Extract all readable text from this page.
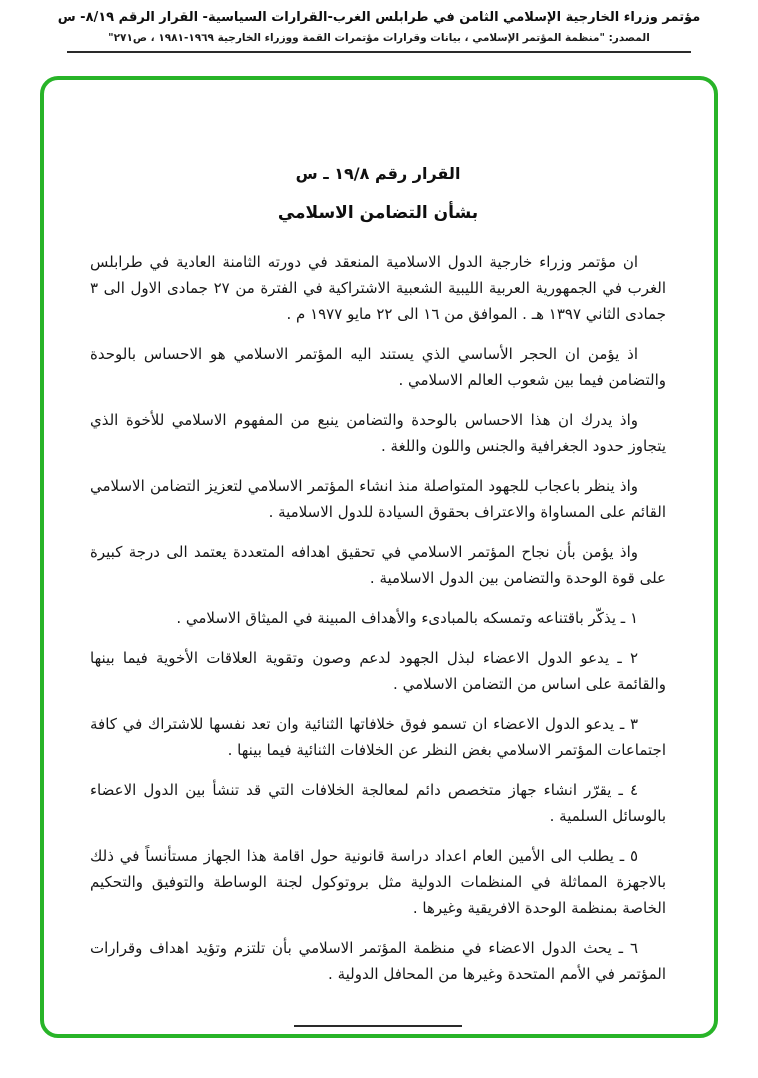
مؤتمر وزراء الخارجية الإسلامي الثامن في طرابلس الغرب-القرارات السياسية- القرار الرقم ٨/١٩- س
المصدر: "منظمة المؤتمر الإسلامي ، بيانات وقرارات مؤتمرات القمة ووزراء الخارجية ١٩٦٩-١٩٨١ ، ص٢٧١"
القرار رقم ١٩/٨ ـ س
بشأن التضامن الاسلامي

ان مؤتمر وزراء خارجية الدول الاسلامية المنعقد في دورته الثامنة العادية في طرابلس الغرب في الجمهورية العربية الليبية الشعبية الاشتراكية في الفترة من ٢٧ جمادى الاول الى ٣ جمادى الثاني ١٣٩٧ هـ . الموافق من ١٦ الى ٢٢ مايو ١٩٧٧ م .

اذ يؤمن ان الحجر الأساسي الذي يستند اليه المؤتمر الاسلامي هو الاحساس بالوحدة والتضامن فيما بين شعوب العالم الاسلامي .

واذ يدرك ان هذا الاحساس بالوحدة والتضامن ينبع من المفهوم الاسلامي للأخوة الذي يتجاوز حدود الجغرافية والجنس واللون واللغة .

واذ ينظر باعجاب للجهود المتواصلة منذ انشاء المؤتمر الاسلامي لتعزيز التضامن الاسلامي القائم على المساواة والاعتراف بحقوق السيادة للدول الاسلامية .

واذ يؤمن بأن نجاح المؤتمر الاسلامي في تحقيق اهدافه المتعددة يعتمد الى درجة كبيرة على قوة الوحدة والتضامن بين الدول الاسلامية .

١ ـ يذكّر باقتناعه وتمسكه بالمبادىء والأهداف المبينة في الميثاق الاسلامي .

٢ ـ يدعو الدول الاعضاء لبذل الجهود لدعم وصون وتقوية العلاقات الأخوية فيما بينها والقائمة على اساس من التضامن الاسلامي .

٣ ـ يدعو الدول الاعضاء ان تسمو فوق خلافاتها الثنائية وان تعد نفسها للاشتراك في كافة اجتماعات المؤتمر الاسلامي بغض النظر عن الخلافات الثنائية فيما بينها .

٤ ـ يقرّر انشاء جهاز متخصص دائم لمعالجة الخلافات التي قد تنشأ بين الدول الاعضاء بالوسائل السلمية .

٥ ـ يطلب الى الأمين العام اعداد دراسة قانونية حول اقامة هذا الجهاز مستأنساً في ذلك بالاجهزة المماثلة في المنظمات الدولية مثل بروتوكول لجنة الوساطة والتوفيق والتحكيم الخاصة بمنظمة الوحدة الافريقية وغيرها .

٦ ـ يحث الدول الاعضاء في منظمة المؤتمر الاسلامي بأن تلتزم وتؤيد اهداف وقرارات المؤتمر في الأمم المتحدة وغيرها من المحافل الدولية .
